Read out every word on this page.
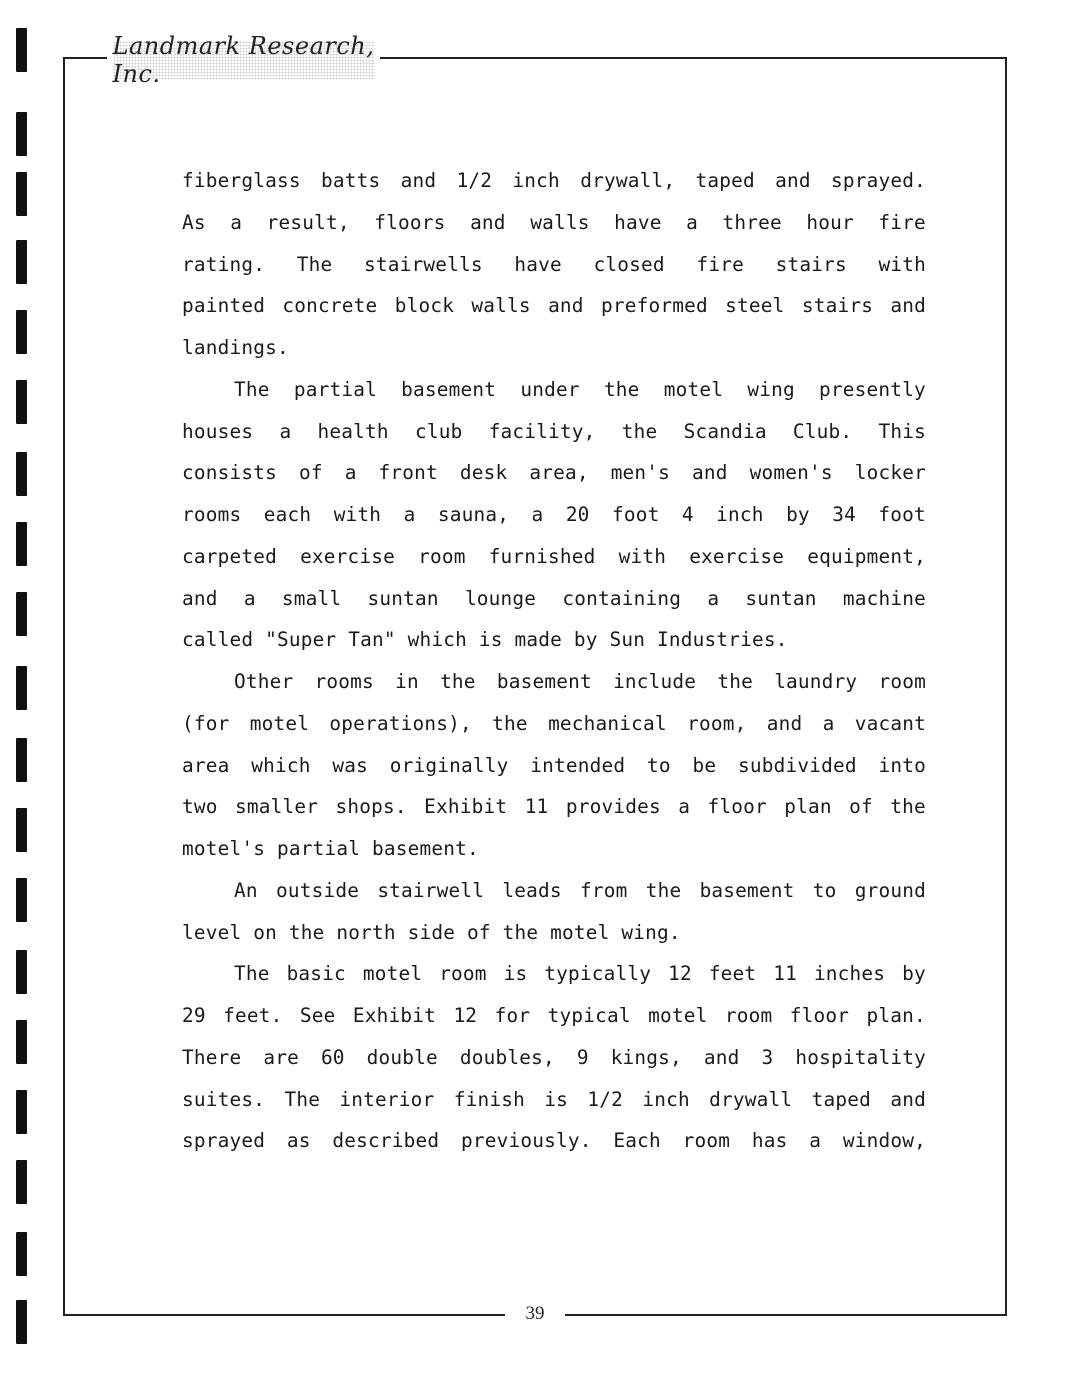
Landmark Research, Inc.
fiberglass batts and 1/2 inch drywall, taped and sprayed.
As a result, floors and walls have a three hour fire
rating. The stairwells have closed fire stairs with
painted concrete block walls and preformed steel stairs and
landings.
The partial basement under the motel wing presently
houses a health club facility, the Scandia Club. This
consists of a front desk area, men's and women's locker
rooms each with a sauna, a 20 foot 4 inch by 34 foot
carpeted exercise room furnished with exercise equipment,
and a small suntan lounge containing a suntan machine
called "Super Tan" which is made by Sun Industries.
Other rooms in the basement include the laundry room
(for motel operations), the mechanical room, and a vacant
area which was originally intended to be subdivided into
two smaller shops. Exhibit 11 provides a floor plan of the
motel's partial basement.
An outside stairwell leads from the basement to ground
level on the north side of the motel wing.
The basic motel room is typically 12 feet 11 inches by
29 feet. See Exhibit 12 for typical motel room floor plan.
There are 60 double doubles, 9 kings, and 3 hospitality
suites. The interior finish is 1/2 inch drywall taped and
sprayed as described previously. Each room has a window,
39
